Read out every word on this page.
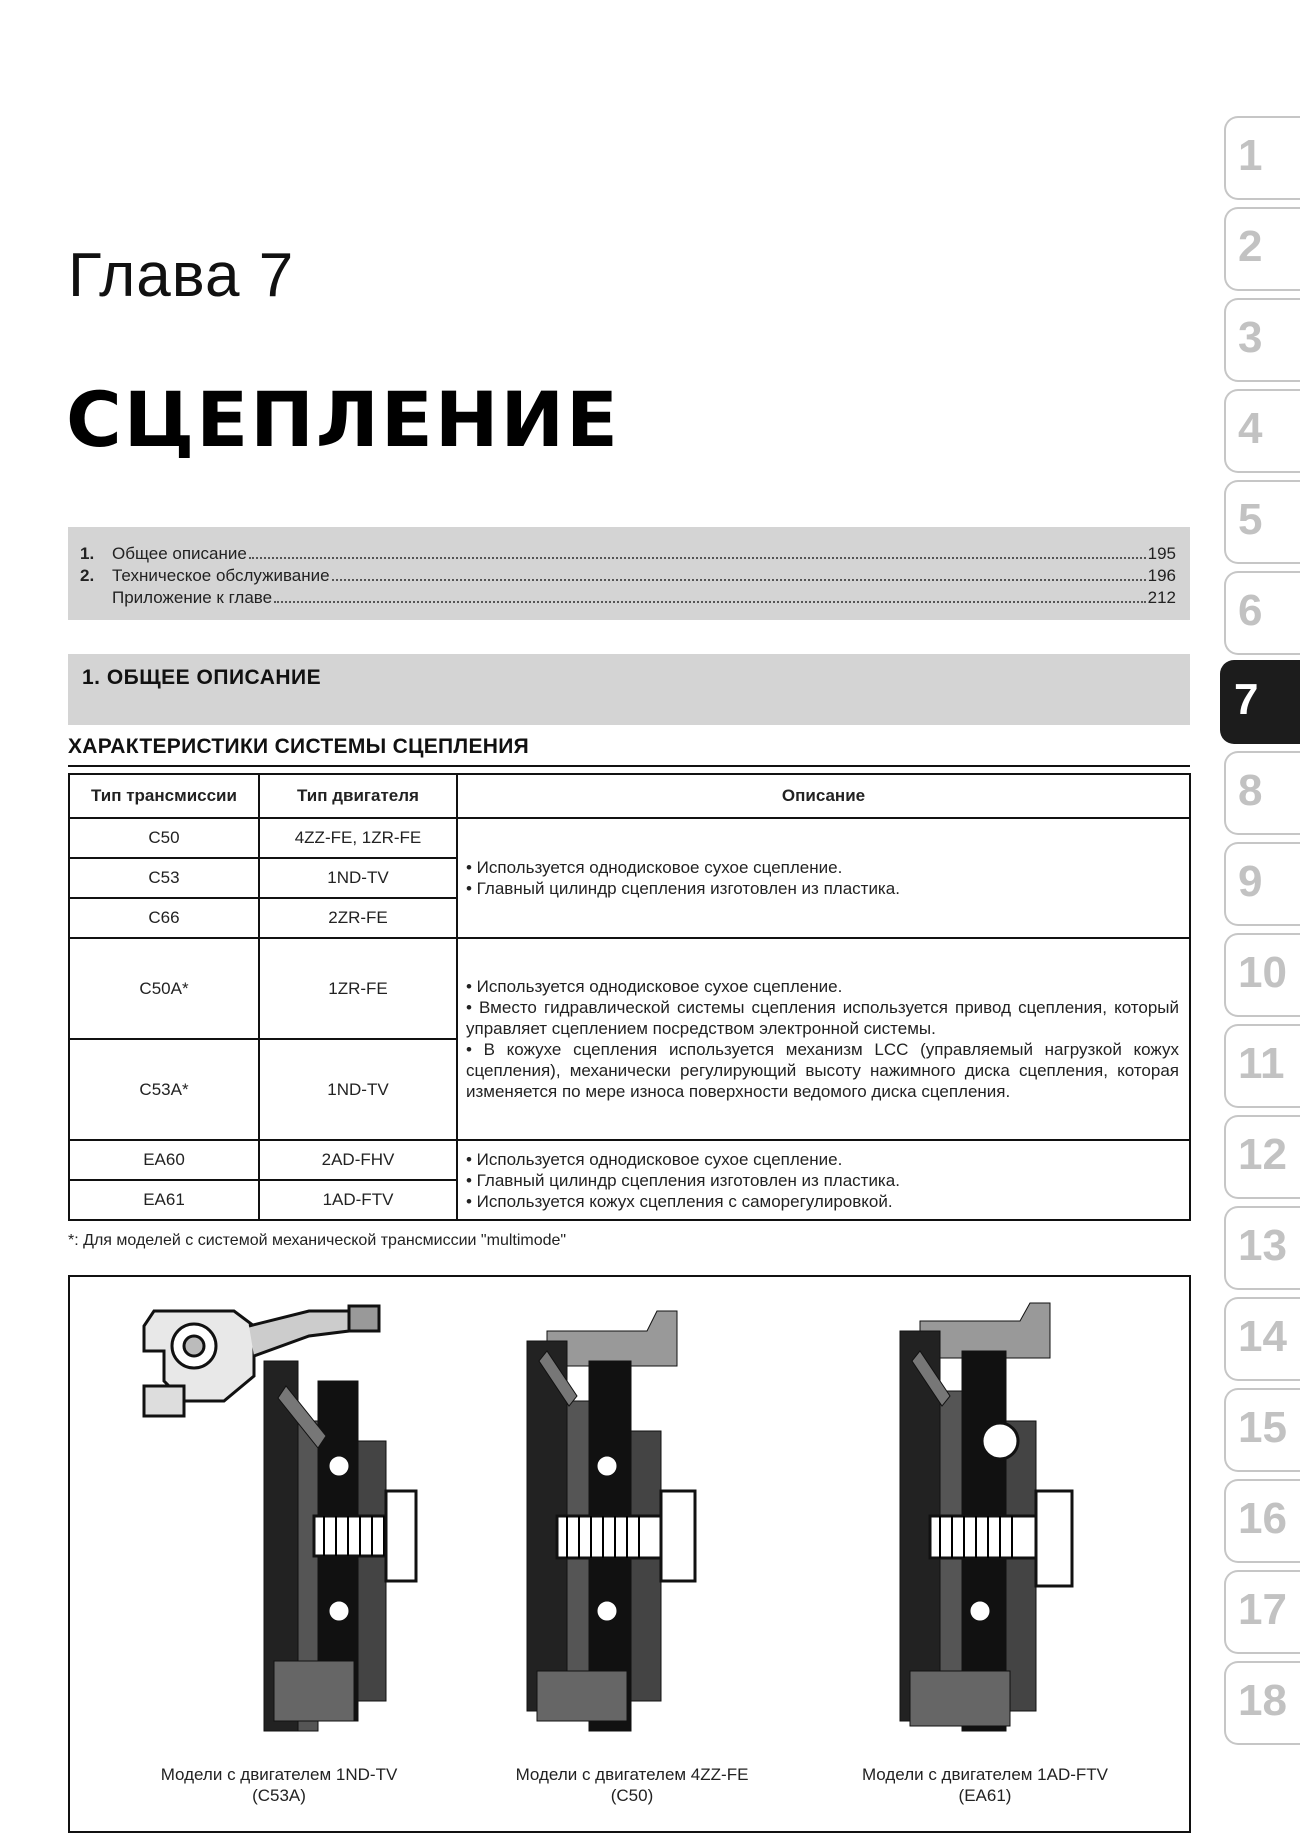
Глава 7
СЦЕПЛЕНИЕ
1.	Общее описание	195
2.	Техническое обслуживание	196
Приложение к главе	212
1. ОБЩЕЕ ОПИСАНИЕ
ХАРАКТЕРИСТИКИ СИСТЕМЫ СЦЕПЛЕНИЯ
Тип трансмиссии	Тип двигателя	Описание
C50	4ZZ-FE, 1ZR-FE	• Используется однодисковое сухое сцепление.
• Главный цилиндр сцепления изготовлен из пластика.

C53	1ND-TV	
C66	2ZR-FE	
C50A*	1ZR-FE	• Используется однодисковое сухое сцепление.
• Вместо гидравлической системы сцепления используется привод сцепления, который управляет сцеплением посредством электронной системы.
• В кожухе сцепления используется механизм LCC (управляемый нагрузкой кожух сцепления), механически регулирующий высоту нажимного диска сцепления, которая изменяется по мере износа поверхности ведомого диска сцепления.

C53A*	1ND-TV	
EA60	2AD-FHV	• Используется однодисковое сухое сцепление.
• Главный цилиндр сцепления изготовлен из пластика.
• Используется кожух сцепления с саморегулировкой.

EA61	1AD-FTV	
*: Для моделей с системой механической трансмиссии "multimode"
Модели с двигателем 1ND-TV
(C53A)
Модели с двигателем 4ZZ-FE
(C50)
Модели с двигателем 1AD-FTV
(EA61)
1
2
3
4
5
6
7
8
9
10
11
12
13
14
15
16
17
18
